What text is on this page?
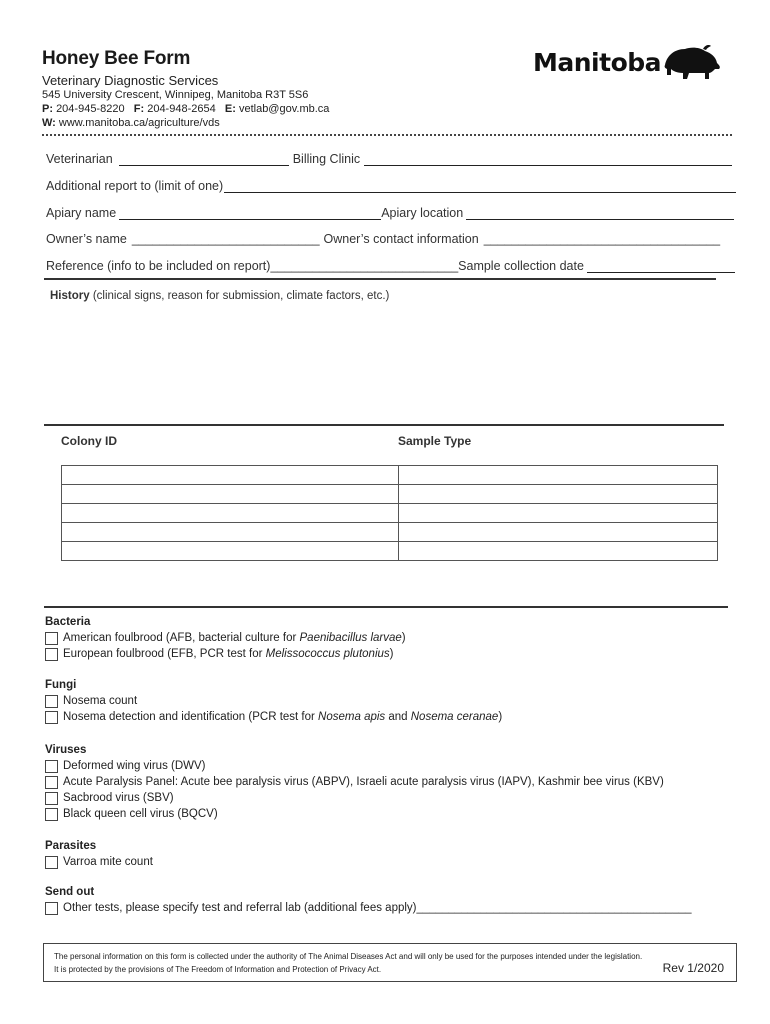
Honey Bee Form
Veterinary Diagnostic Services
545 University Crescent, Winnipeg, Manitoba R3T 5S6
P: 204-945-8220 F: 204-948-2654 E: vetlab@gov.mb.ca
W: www.manitoba.ca/agriculture/vds
Manitoba
Veterinarian	Billing Clinic
Additional report to (limit of one)
Apiary name	Apiary location
Owner’s name ___________________________ Owner’s contact information __________________________________
Reference (info to be included on report) ___________________________ Sample collection date
History (clinical signs, reason for submission, climate factors, etc.)
Colony ID	Sample Type

Bacteria
American foulbrood (AFB, bacterial culture for Paenibacillus larvae)
European foulbrood (EFB, PCR test for Melissococcus plutonius)
Fungi
Nosema count
Nosema detection and identification (PCR test for Nosema apis and Nosema ceranae)
Viruses
Deformed wing virus (DWV)
Acute Paralysis Panel: Acute bee paralysis virus (ABPV), Israeli acute paralysis virus (IAPV), Kashmir bee virus (KBV)
Sacbrood virus (SBV)
Black queen cell virus (BQCV)
Parasites
Varroa mite count
Send out
Other tests, please specify test and referral lab (additional fees apply) ___________________________________________
The personal information on this form is collected under the authority of The Animal Diseases Act and will only be used for the purposes intended under the legislation.
It is protected by the provisions of The Freedom of Information and Protection of Privacy Act.	Rev 1/2020
